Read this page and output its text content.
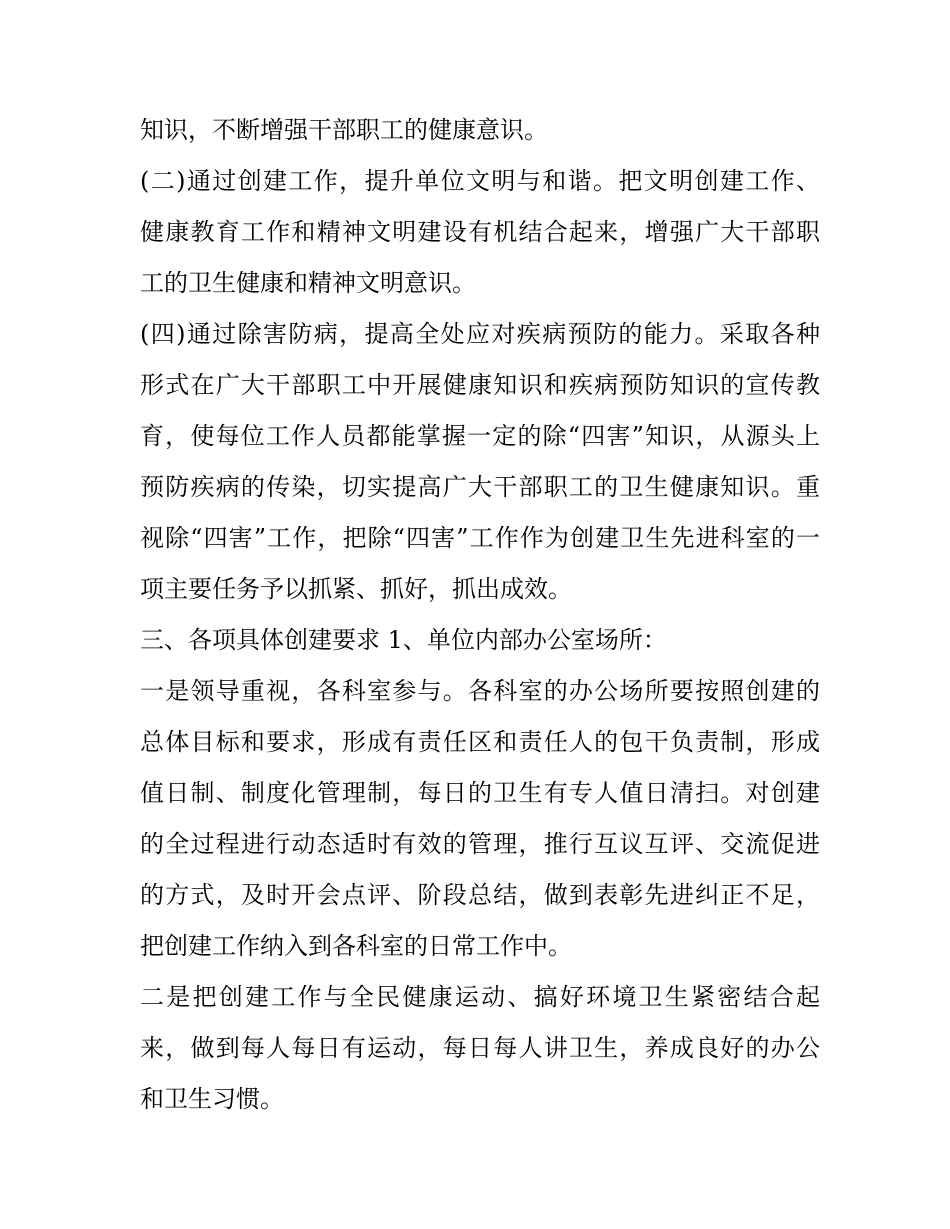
知识，不断增强干部职工的健康意识。
(二)通过创建工作，提升单位文明与和谐。把文明创建工作、
健康教育工作和精神文明建设有机结合起来，增强广大干部职
工的卫生健康和精神文明意识。
(四)通过除害防病，提高全处应对疾病预防的能力。采取各种
形式在广大干部职工中开展健康知识和疾病预防知识的宣传教
育，使每位工作人员都能掌握一定的除“四害”知识，从源头上
预防疾病的传染，切实提高广大干部职工的卫生健康知识。重
视除“四害”工作，把除“四害”工作作为创建卫生先进科室的一
项主要任务予以抓紧、抓好，抓出成效。
三、各项具体创建要求 1、单位内部办公室场所：
一是领导重视，各科室参与。各科室的办公场所要按照创建的
总体目标和要求，形成有责任区和责任人的包干负责制，形成
值日制、制度化管理制，每日的卫生有专人值日清扫。对创建
的全过程进行动态适时有效的管理，推行互议互评、交流促进
的方式，及时开会点评、阶段总结，做到表彰先进纠正不足，
把创建工作纳入到各科室的日常工作中。
二是把创建工作与全民健康运动、搞好环境卫生紧密结合起
来，做到每人每日有运动，每日每人讲卫生，养成良好的办公
和卫生习惯。
